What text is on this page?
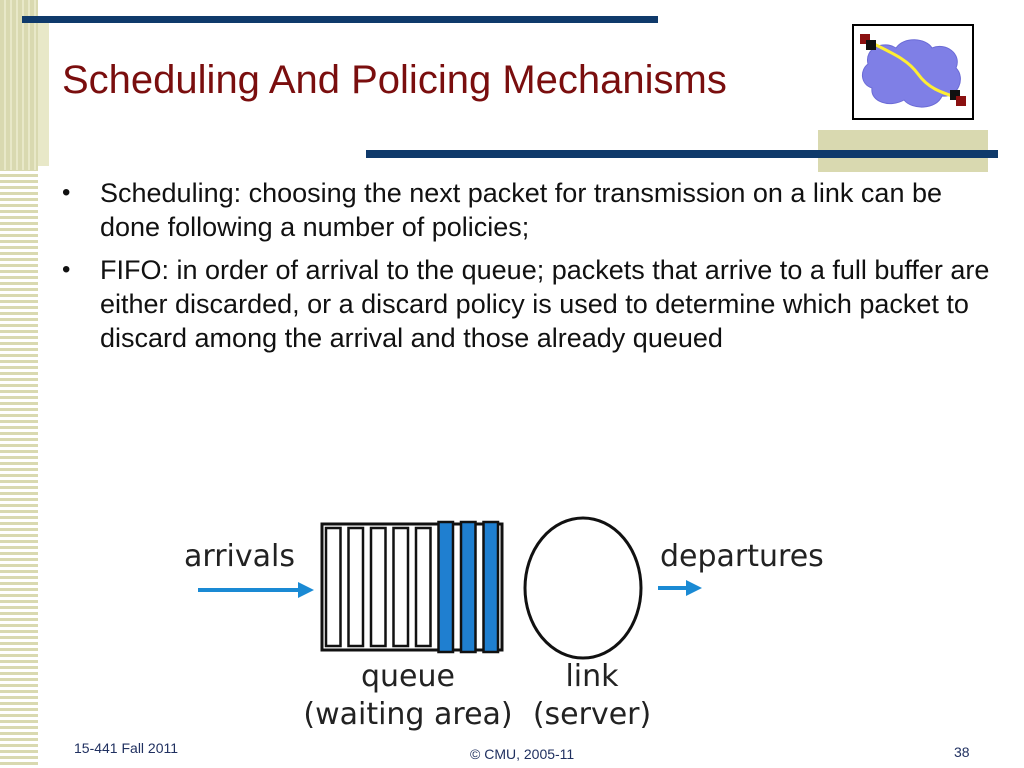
Scheduling And Policing Mechanisms
• Scheduling: choosing the next packet for transmission on a link can be done following a number of policies;
• FIFO: in order of arrival to the queue; packets that arrive to a full buffer are either discarded, or a discard policy is used to determine which packet to discard among the arrival and those already queued
arrivals	departures
queue
(waiting area)
link
(server)
15-441 Fall 2011	© CMU, 2005-11	38
